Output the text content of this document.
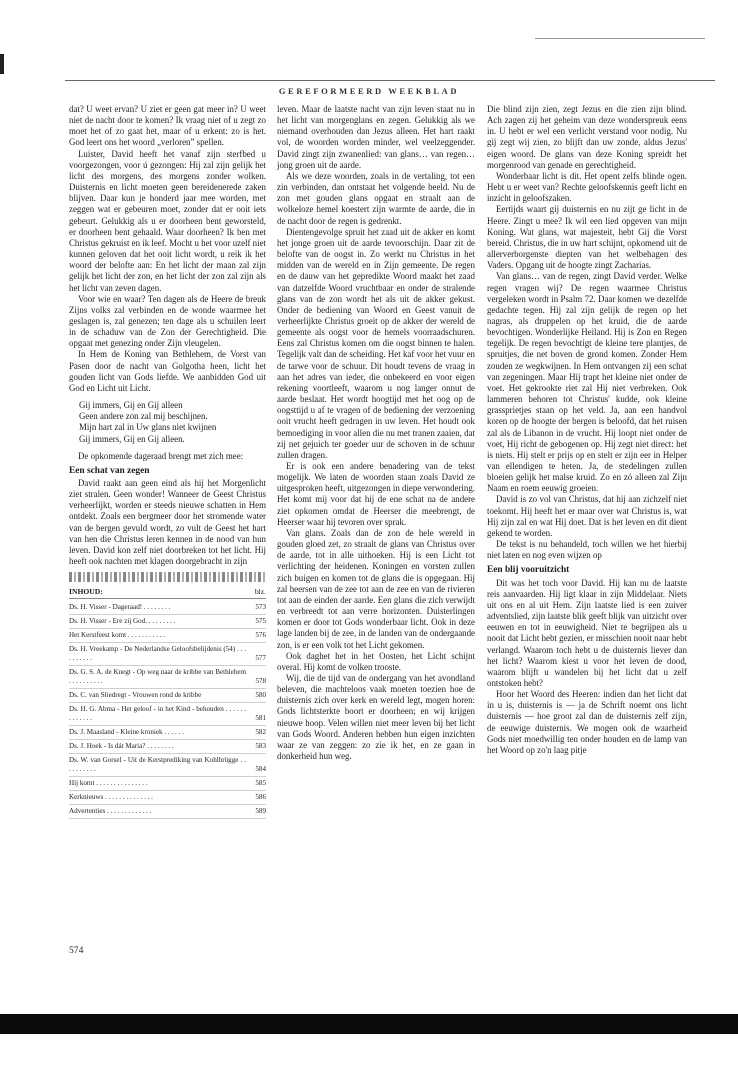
GEREFORMEERD WEEKBLAD

dat? U weet ervan? U ziet er geen gat meer in? U weet niet de nacht door te komen? Ik vraag niet of u zegt zo moet het of zo gaat het, maar of u erkent: zo is het. God leert ons het woord „verloren” spellen.

Luister, David heeft het vanaf zijn sterfbed u voorgezongen, voor ú gezongen: Hij zal zijn gelijk het licht des morgens, des morgens zonder wolken. Duisternis en licht moeten geen bereidenerede zaken blijven. Daar kun je honderd jaar mee worden, met zeggen wat er gebeuren moet, zonder dat er ooit iets gebeurt. Gelukkig als u er doorheen bent geworsteld, er doorheen bent gehaald. Waar doorheen? Ik ben met Christus gekruist en ik leef. Mocht u het voor uzelf niet kunnen geloven dat het ooit licht wordt, u reik ik het woord der belofte aan: En het licht der maan zal zijn gelijk het licht der zon, en het licht der zon zal zijn als het licht van zeven dagen.

Voor wie en waar? Ten dagen als de Heere de breuk Zijns volks zal verbinden en de wonde waarmee het geslagen is, zal genezen; ten dage als u schuilen leert in de schaduw van de Zon der Gerechtigheid. Die opgaat met genezing onder Zijn vleugelen.

In Hem de Koning van Bethlehem, de Vorst van Pasen door de nacht van Golgotha heen, licht het gouden licht van Gods liefde. We aanbidden God uit God en Licht uit Licht.

Gij immers, Gij en Gij alleen
Geen andere zon zal mij beschijnen.
Mijn hart zal in Uw glans niet kwijnen
Gij immers, Gij en Gij alleen.

De opkomende dageraad brengt met zich mee:

Een schat van zegen

David raakt aan geen eind als hij het Morgenlicht ziet stralen. Geen wonder! Wanneer de Geest Christus verheerlijkt, worden er steeds nieuwe schatten in Hem ontdekt. Zoals een bergmeer door het stromende water van de bergen gevuld wordt, zo vult de Geest het hart van hen die Christus leren kennen in de nood van hun leven. David kon zelf niet doorbreken tot het licht. Hij heeft ook nachten met klagen doorgebracht in zijn

INHOUD:	blz.
Ds. H. Visser - Dageraad! . . . . . . . .	573
Ds. H. Visser - Ere zij God. . . . . . . . .	575
Het Kerstfeest komt . . . . . . . . . . .	576
Ds. H. Vreekamp - De Nederlandse Geloofsbelijdenis (54) . . . . . . . . . .	577
Ds. G. S. A. de Knegt - Op weg naar de kribbe van Bethlehem . . . . . . . . . .	578
Ds. C. van Sliedregt - Vrouwen rond de kribbe	580
Ds. H. G. Abma - Het geloof - in het Kind - behouden . . . . . . . . . . . . .	581
Ds. J. Maasland - Kleine kroniek . . . . . .	582
Ds. J. Hoek - Is dát Maria? . . . . . . . .	583
Ds. W. van Gorsel - Uit de Kerstprediking van Kohlbrügge . . . . . . . . . .	584
Hij komt . . . . . . . . . . . . . . .	585
Kerknieuws . . . . . . . . . . . . . .	586
Advertenties . . . . . . . . . . . . .	589

leven. Maar de laatste nacht van zijn leven staat nu in het licht van morgenglans en zegen. Gelukkig als we niemand overhouden dan Jezus alleen. Het hart raakt vol, de woorden worden minder, wel veelzeggender. David zingt zijn zwanenlied: van glans… van regen… jong groen uit de aarde.

Als we deze woorden, zoals in de vertaling, tot een zin verbinden, dan ontstaat het volgende beeld. Nu de zon met gouden glans opgaat en straalt aan de wolkeloze hemel koestert zijn warmte de aarde, die in de nacht door de regen is gedrenkt.

Dientengevolge spruit het zaad uit de akker en komt het jonge groen uit de aarde tevoorschijn. Daar zit de belofte van de oogst in. Zo werkt nu Christus in het midden van de wereld en in Zijn gemeente. De regen en de dauw van het gepredikte Woord maakt het zaad van datzelfde Woord vruchtbaar en onder de stralende glans van de zon wordt het als uit de akker gekust. Onder de bediening van Woord en Geest vanuit de verheerlijkte Christus groeit op de akker der wereld de gemeente als oogst voor de hemels voorraadschuren. Eens zal Christus komen om die oogst binnen te halen. Tegelijk valt dan de scheiding. Het kaf voor het vuur en de tarwe voor de schuur. Dit houdt tevens de vraag in aan het adres van ieder, die onbekeerd en voor eigen rekening voortleeft, waarom u nog langer onnut de aarde beslaat. Het wordt hoogtijd met het oog op de oogsttijd u af te vragen of de bediening der verzoening ooit vrucht heeft gedragen in uw leven. Het houdt ook bemoediging in voor allen die nu met tranen zaaien, dat zij net gejuich ter goeder uur de schoven in de schuur zullen dragen.

Er is ook een andere benadering van de tekst mogelijk. We laten de woorden staan zoals David ze uitgesproken heeft, uitgezongen in diepe verwondering. Het komt mij voor dat hij de ene schat na de andere ziet opkomen omdat de Heerser die meebrengt, de Heerser waar hij tevoren over sprak.

Van glans. Zoals dan de zon de hele wereld in gouden gloed zet, zo straalt de glans van Christus over de aarde, tot in alle uithoeken. Hij is een Licht tot verlichting der heidenen. Koningen en vorsten zullen zich buigen en komen tot de glans die is opgegaan. Hij zal heersen van de zee tot aan de zee en van de rivieren tot aan de einden der aarde. Een glans die zich verwijdt en verbreedt tot aan verre horizonten. Duisterlingen komen er door tot Gods wonderbaar licht. Ook in deze lage landen bij de zee, in de landen van de ondergaande zon, is er een volk tot het Licht gekomen.

Ook daghet het in het Oosten, het Licht schijnt overal. Hij komt de volken trooste.

Wij, die de tijd van de ondergang van het avondland beleven, die machteloos vaak moeten toezien hoe de duisternis zich over kerk en wereld legt, mogen horen: Gods lichtsterkte boort er doorheen; en wij krijgen nieuwe hoop. Velen willen niet meer leven bij het licht van Gods Woord. Anderen hebben hun eigen inzichten waar ze van zeggen: zo zie ik het, en ze gaan in donkerheid hun weg.

Die blind zijn zien, zegt Jezus en die zien zijn blind. Ach zagen zij het geheim van deze wonderspreuk eens in. U hebt er wel een verlicht verstand voor nodig. Nu gij zegt wij zien, zo blijft dan uw zonde, aldus Jezus' eigen woord. De glans van deze Koning spreidt het morgenrood van genade en gerechtigheid.

Wonderbaar licht is dit. Het opent zelfs blinde ogen. Hebt u er weet van? Rechte geloofskennis geeft licht en inzicht in geloofszaken.

Eertijds waart gij duisternis en nu zijt ge licht in de Heere. Zingt u mee? Ik wil een lied opgeven van mijn Koning. Wat glans, wat majesteit, hebt Gij die Vorst bereid. Christus, die in uw hart schijnt, opkomend uit de allerverborgenste diepten van het welbehagen des Vaders. Opgang uit de hoogte zingt Zacharias.

Van glans… van de regen, zingt David verder. Welke regen vragen wij? De regen waarmee Christus vergeleken wordt in Psalm 72. Daar komen we dezelfde gedachte tegen. Hij zal zijn gelijk de regen op het nagras, als druppelen op het kruid, die de aarde bevochtigen. Wonderlijke Heiland. Hij is Zon en Regen tegelijk. De regen bevochtigt de kleine tere plantjes, de spruitjes, die net boven de grond komen. Zonder Hem zouden ze wegkwijnen. In Hem ontvangen zij een schat van zegeningen. Maar Hij trapt het kleine niet onder de voet. Het gekrookte riet zal Hij niet verbreken. Ook lammeren behoren tot Christus' kudde, ook kleine grassprietjes staan op het veld. Ja, aan een handvol koren op de hoogte der bergen is beloofd, dat het ruisen zal als de Libanon in de vrucht. Hij loopt niet onder de voet, Hij richt de gebogenen op. Hij zegt niet direct: het is niets. Hij stelt er prijs op en stelt er zijn eer in Helper van ellendigen te heten. Ja, de stedelingen zullen bloeien gelijk het malse kruid. Zo en zó alleen zal Zijn Naam en roem eeuwig groeien.

David is zo vol van Christus, dat hij aan zichzelf niet toekomt. Hij heeft het er maar over wat Christus is, wat Hij zijn zal en wat Hij doet. Dat is het leven en dit dient gekend te worden.

De tekst is nu behandeld, toch willen we het hierbij niet laten en nog even wijzen op

Een blij vooruitzicht

Dit was het toch voor David. Hij kan nu de laatste reis aanvaarden. Hij ligt klaar in zijn Middelaar. Niets uit ons en al uit Hem. Zijn laatste lied is een zuiver adventslied, zijn laatste blik geeft blijk van uitzicht over eeuwen en tot in eeuwigheid. Niet te begrijpen als u nooit dat Licht hebt gezien, er misschien nooit naar hebt verlangd. Waarom toch hebt u de duisternis liever dan het licht? Waarom kiest u voor het leven de dood, waarom blijft u wandelen bij het licht dat u zelf ontstoken hebt?

Hoor het Woord des Heeren: indien dan het licht dat in u is, duisternis is — ja de Schrift noemt ons licht duisternis — hoe groot zal dan de duisternis zelf zijn, de eeuwige duisternis. We mogen ook de waarheid Gods niet moedwillig ten onder houden en de lamp van het Woord op zo'n laag pitje

574
